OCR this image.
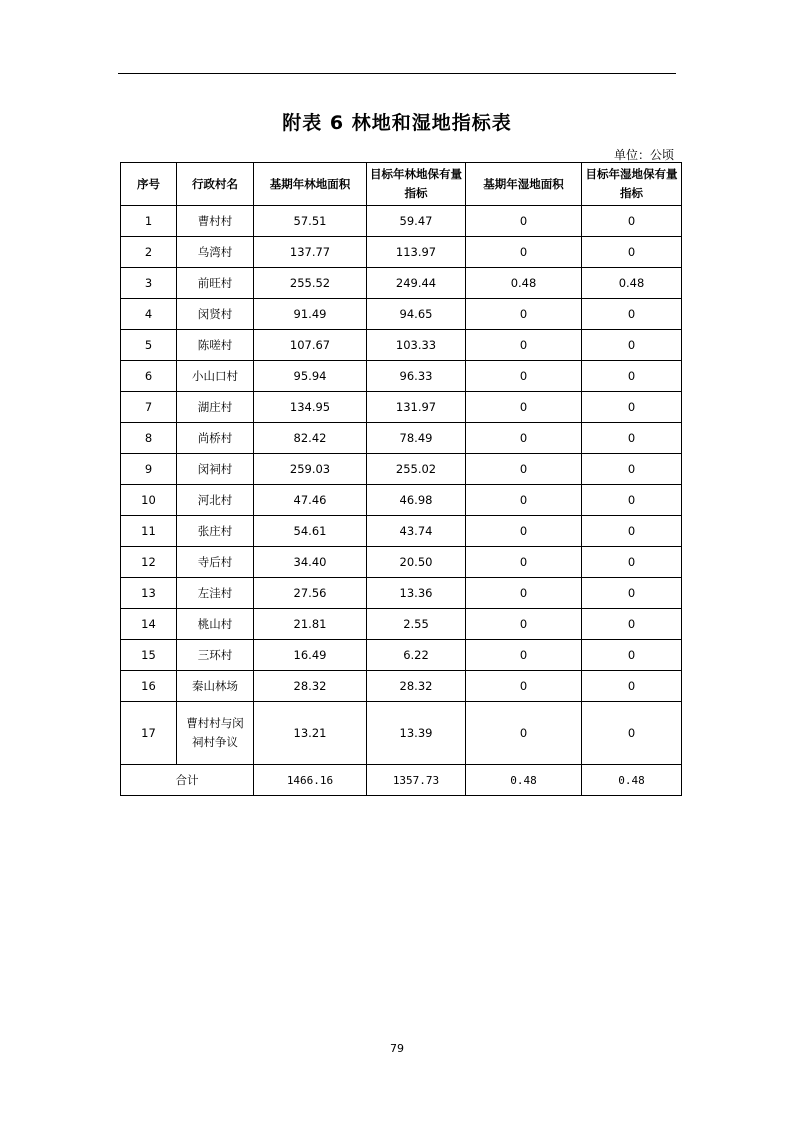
附表 6 林地和湿地指标表
单位：公顷
序号	行政村名	基期年林地面积	目标年林地保有量指标	基期年湿地面积	目标年湿地保有量指标
1	曹村村	57.51	59.47	0	0
2	乌湾村	137.77	113.97	0	0
3	前旺村	255.52	249.44	0.48	0.48
4	闵贤村	91.49	94.65	0	0
5	陈嗟村	107.67	103.33	0	0
6	小山口村	95.94	96.33	0	0
7	湖庄村	134.95	131.97	0	0
8	尚桥村	82.42	78.49	0	0
9	闵祠村	259.03	255.02	0	0
10	河北村	47.46	46.98	0	0
11	张庄村	54.61	43.74	0	0
12	寺后村	34.40	20.50	0	0
13	左洼村	27.56	13.36	0	0
14	桃山村	21.81	2.55	0	0
15	三环村	16.49	6.22	0	0
16	秦山林场	28.32	28.32	0	0
17	曹村村与闵祠村争议	13.21	13.39	0	0
合计		1466.16	1357.73	0.48	0.48
79
